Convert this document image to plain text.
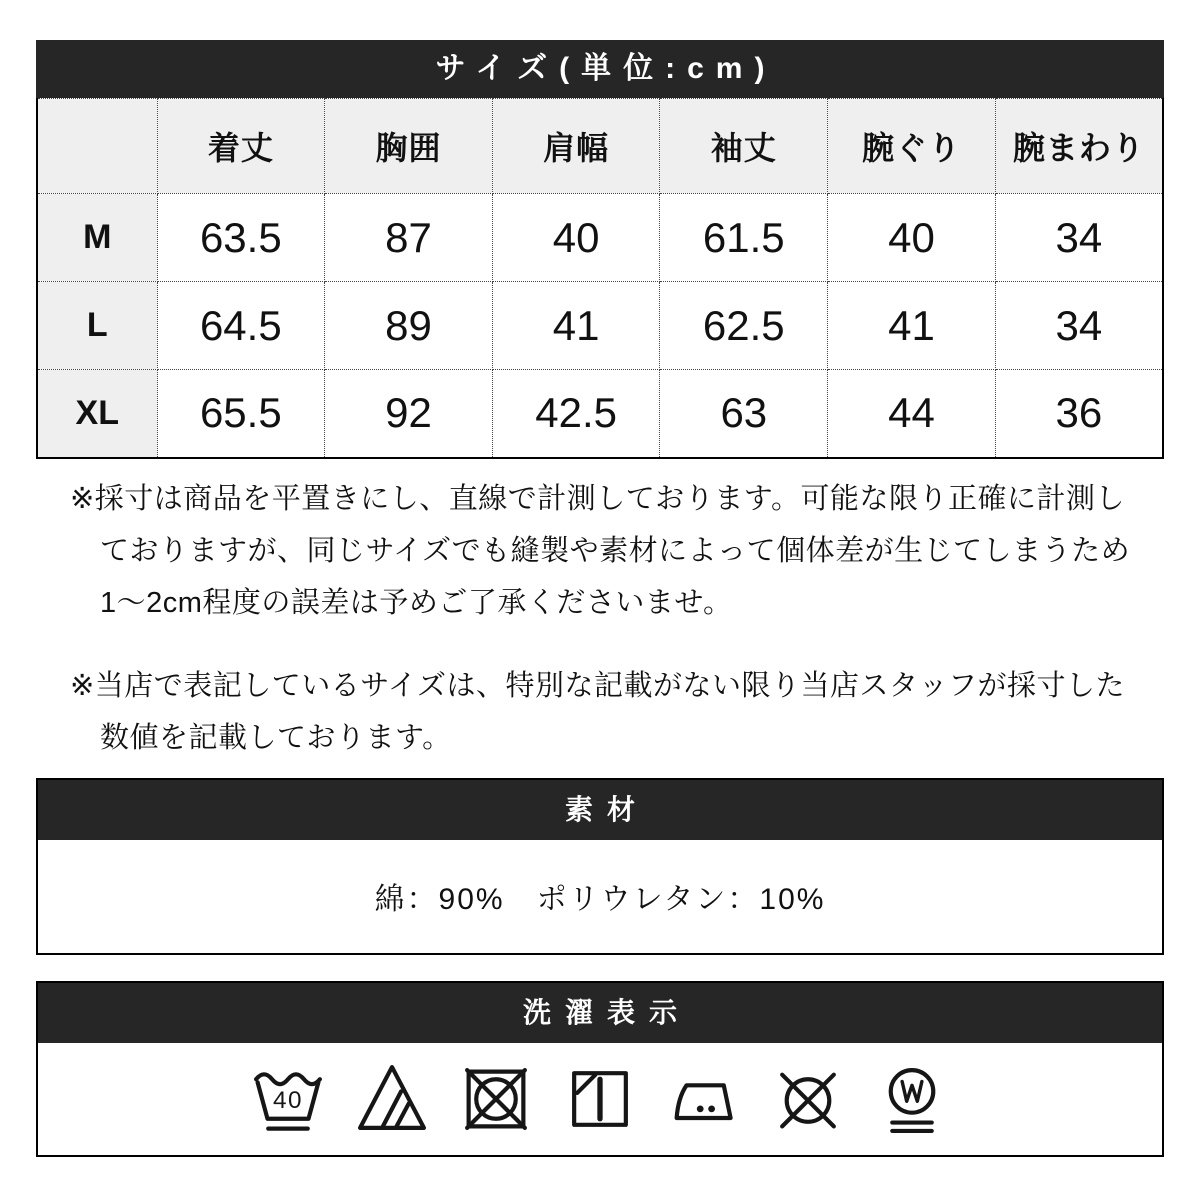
サイズ(単位:cm)
	着丈	胸囲	肩幅	袖丈	腕ぐり	腕まわり
M	63.5	87	40	61.5	40	34
L	64.5	89	41	62.5	41	34
XL	65.5	92	42.5	63	44	36
※採寸は商品を平置きにし、直線で計測しております。可能な限り正確に計測し
ておりますが、同じサイズでも縫製や素材によって個体差が生じてしまうため
1〜2cm程度の誤差は予めご了承くださいませ。
※当店で表記しているサイズは、特別な記載がない限り当店スタッフが採寸した
数値を記載しております。
素材
綿：90%　ポリウレタン：10%
洗濯表示
40
